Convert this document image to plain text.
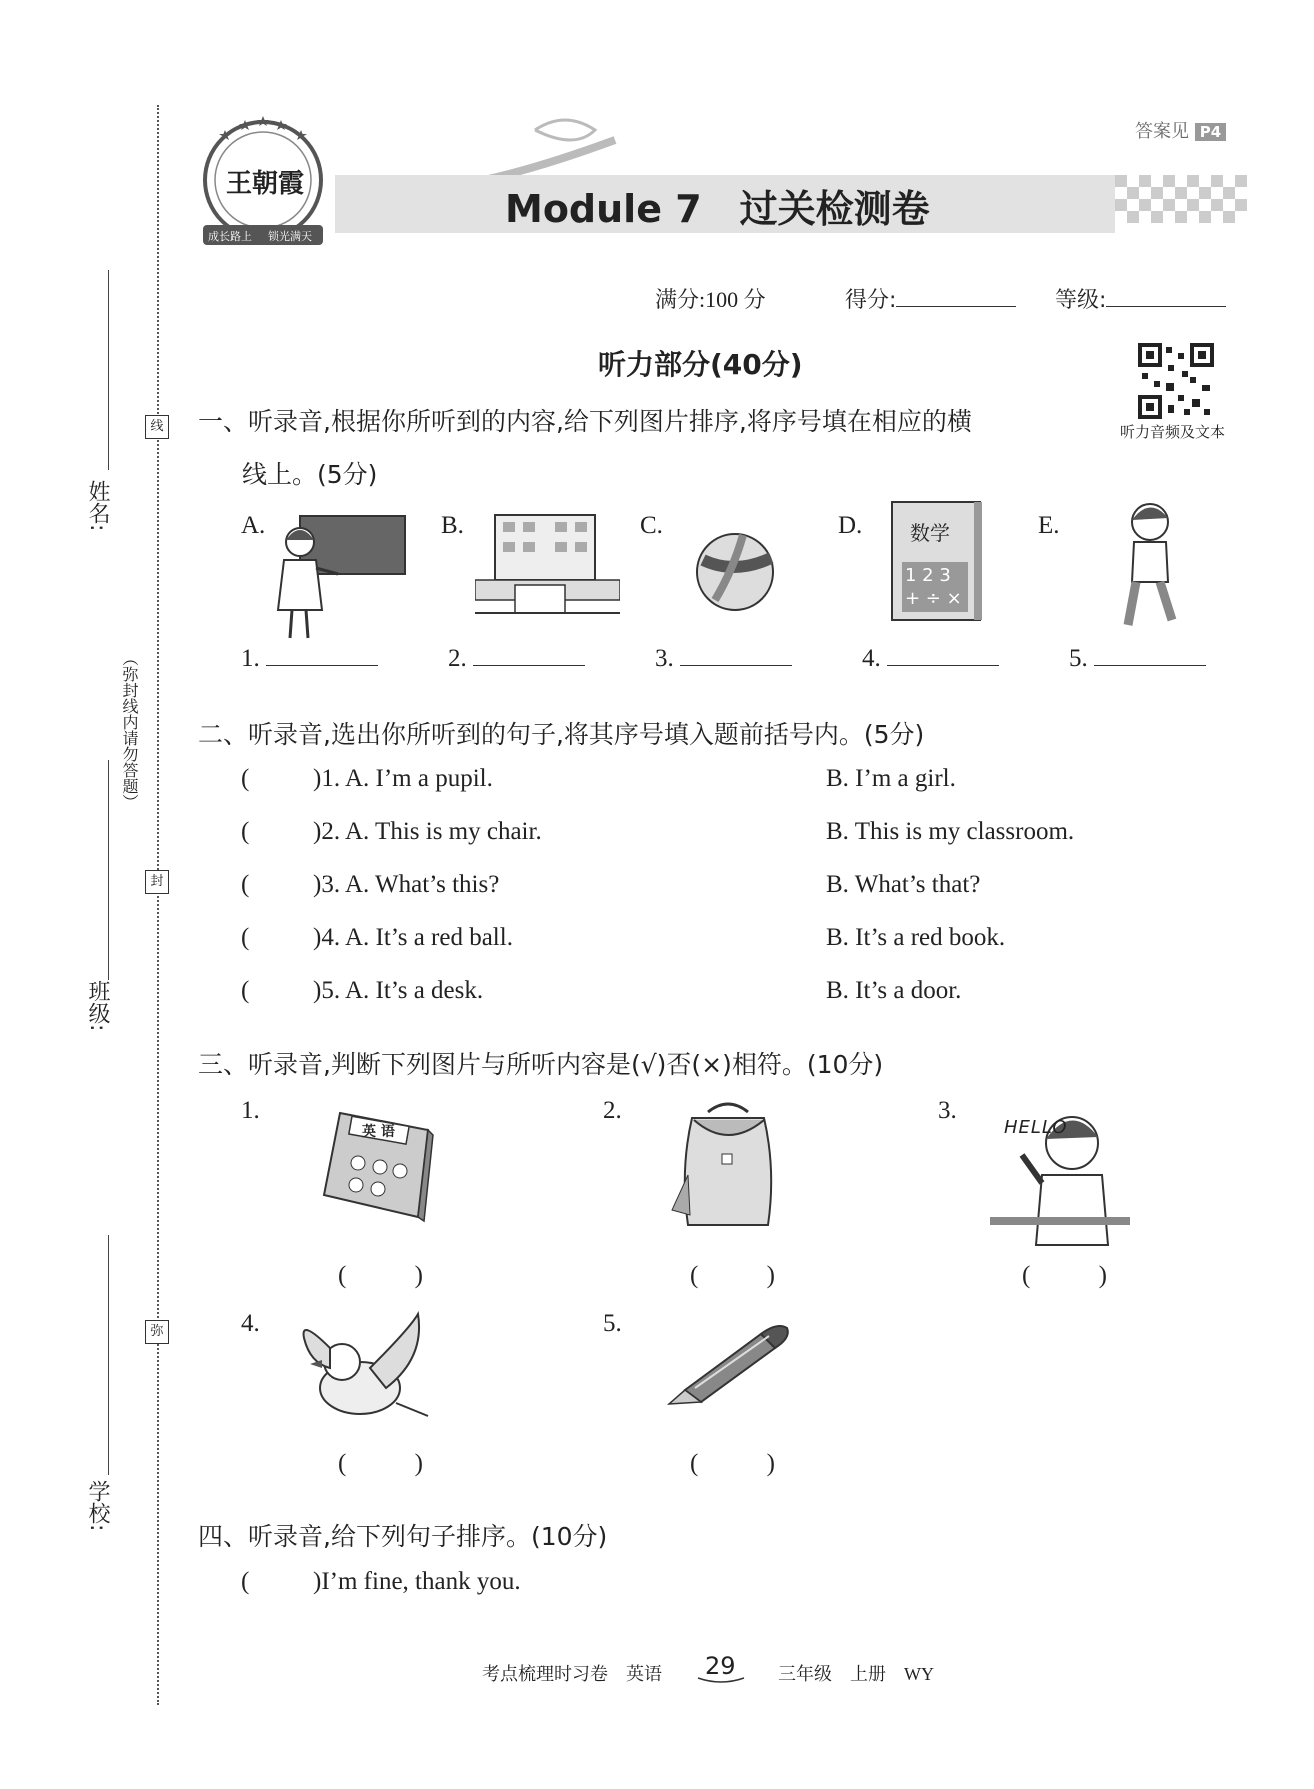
姓名:
班级:
学校:
线
封
弥
（弥封线内请勿答题）
答案见 P4
王朝霞
成长路上 锁光满天
Module 7　过关检测卷
满分:100 分	得分:	等级:
听力部分(40分)
听力音频及文本
一、听录音,根据你所听到的内容,给下列图片排序,将序号填在相应的横
线上。(5分)
A.	B.	C.	D.	E.
数学
1 2 3
+ ÷ ×
1.	2.	3.	4.	5.
二、听录音,选出你所听到的句子,将其序号填入题前括号内。(5分)
(	)1. A. I’m a pupil.	B. I’m a girl.
(	)2. A. This is my chair.	B. This is my classroom.
(	)3. A. What’s this?	B. What’s that?
(	)4. A. It’s a red ball.	B. It’s a red book.
(	)5. A. It’s a desk.	B. It’s a door.
三、听录音,判断下列图片与所听内容是(√)否(×)相符。(10分)
1.	2.	3.
英 语	HELLO
(	)	(	)	(	)
4.	5.
(	)	(	)
四、听录音,给下列句子排序。(10分)
(	)I’m fine, thank you.
考点梳理时习卷　英语 29 三年级　上册　WY
